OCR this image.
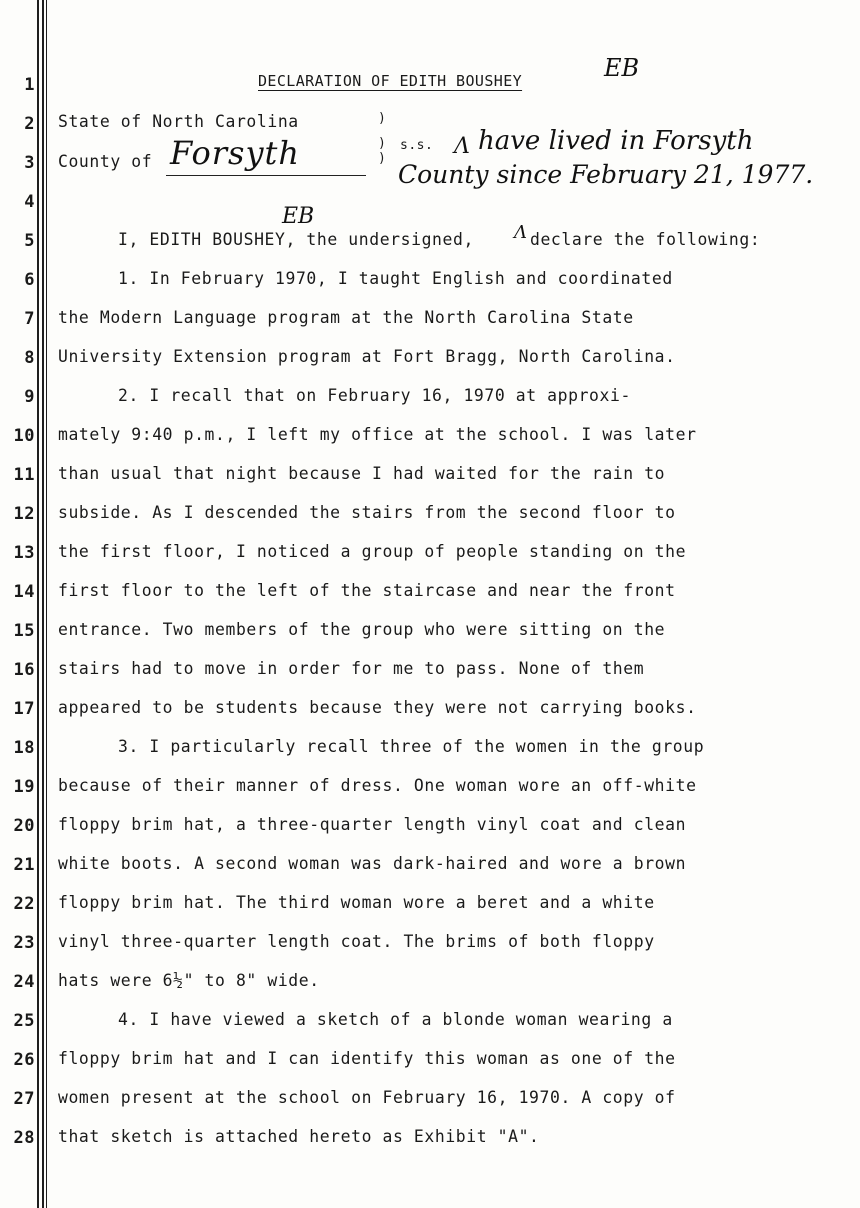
1
2
3
4
5
6
7
8
9
10
11
12
13
14
15
16
17
18
19
20
21
22
23
24
25
26
27
28
DECLARATION OF EDITH BOUSHEY	EB
State of North Carolina	)
)
)
s.s. Λ
County of Forsyth	have lived in Forsyth
County since February 21, 1977.
I, EDITH BOUSHEY, the undersigned,
EB
Λ declare the following:
1. In February 1970, I taught English and coordinated
the Modern Language program at the North Carolina State
University Extension program at Fort Bragg, North Carolina.
2. I recall that on February 16, 1970 at approxi-
mately 9:40 p.m., I left my office at the school. I was later
than usual that night because I had waited for the rain to
subside. As I descended the stairs from the second floor to
the first floor, I noticed a group of people standing on the
first floor to the left of the staircase and near the front
entrance. Two members of the group who were sitting on the
stairs had to move in order for me to pass. None of them
appeared to be students because they were not carrying books.
3. I particularly recall three of the women in the group
because of their manner of dress. One woman wore an off-white
floppy brim hat, a three-quarter length vinyl coat and clean
white boots. A second woman was dark-haired and wore a brown
floppy brim hat. The third woman wore a beret and a white
vinyl three-quarter length coat. The brims of both floppy
hats were 6½" to 8" wide.
4. I have viewed a sketch of a blonde woman wearing a
floppy brim hat and I can identify this woman as one of the
women present at the school on February 16, 1970. A copy of
that sketch is attached hereto as Exhibit "A".
